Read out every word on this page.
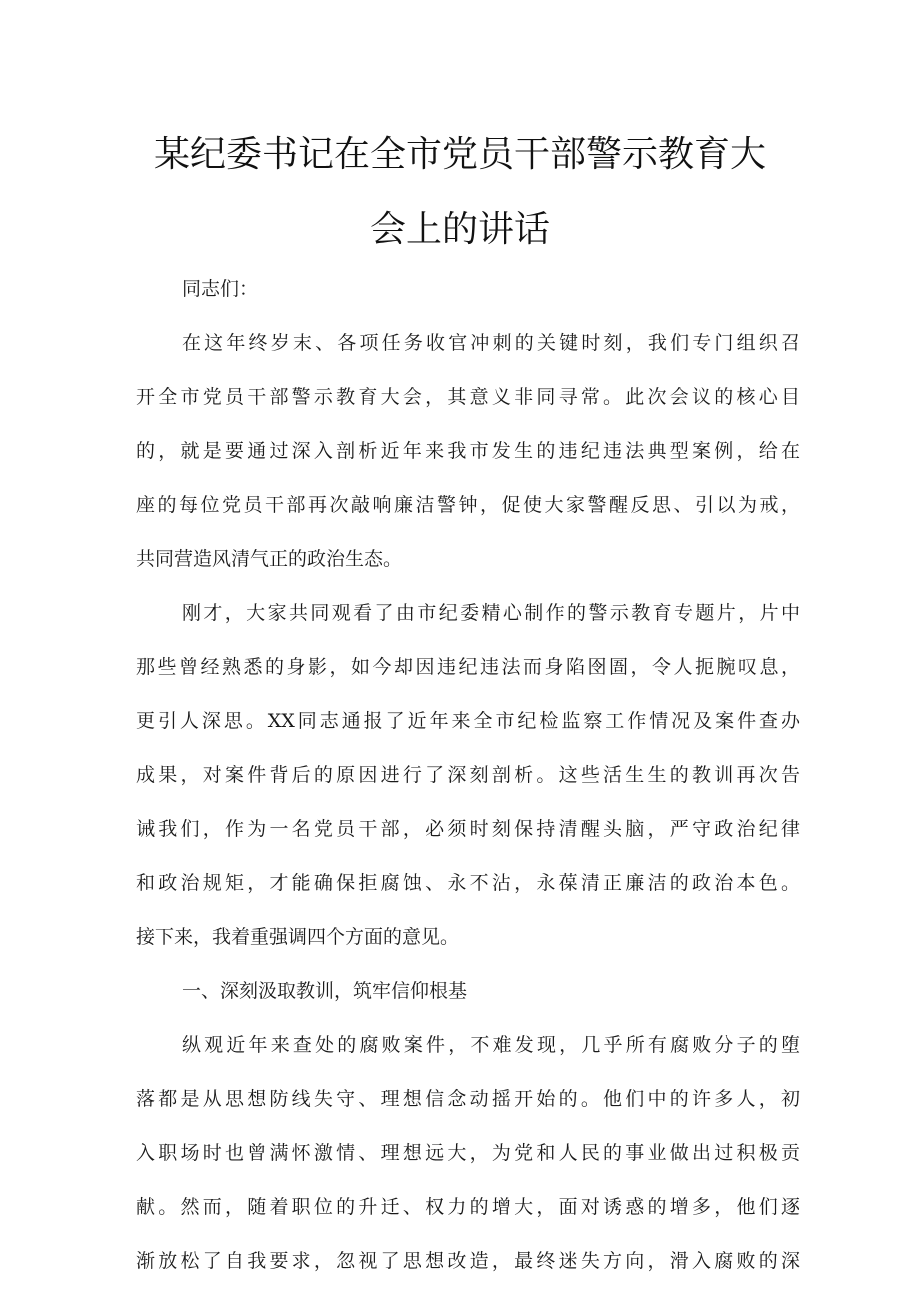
某纪委书记在全市党员干部警示教育大
会上的讲话
同志们：
在这年终岁末、各项任务收官冲刺的关键时刻，我们专门组织召
开全市党员干部警示教育大会，其意义非同寻常。此次会议的核心目
的，就是要通过深入剖析近年来我市发生的违纪违法典型案例，给在
座的每位党员干部再次敲响廉洁警钟，促使大家警醒反思、引以为戒，
共同营造风清气正的政治生态。
刚才，大家共同观看了由市纪委精心制作的警示教育专题片，片中
那些曾经熟悉的身影，如今却因违纪违法而身陷囹圄，令人扼腕叹息，
更引人深思。XX同志通报了近年来全市纪检监察工作情况及案件查办
成果，对案件背后的原因进行了深刻剖析。这些活生生的教训再次告
诫我们，作为一名党员干部，必须时刻保持清醒头脑，严守政治纪律
和政治规矩，才能确保拒腐蚀、永不沾，永葆清正廉洁的政治本色。
接下来，我着重强调四个方面的意见。
一、深刻汲取教训，筑牢信仰根基
纵观近年来查处的腐败案件，不难发现，几乎所有腐败分子的堕
落都是从思想防线失守、理想信念动摇开始的。他们中的许多人，初
入职场时也曾满怀激情、理想远大，为党和人民的事业做出过积极贡
献。然而，随着职位的升迁、权力的增大，面对诱惑的增多，他们逐
渐放松了自我要求，忽视了思想改造，最终迷失方向，滑入腐败的深
